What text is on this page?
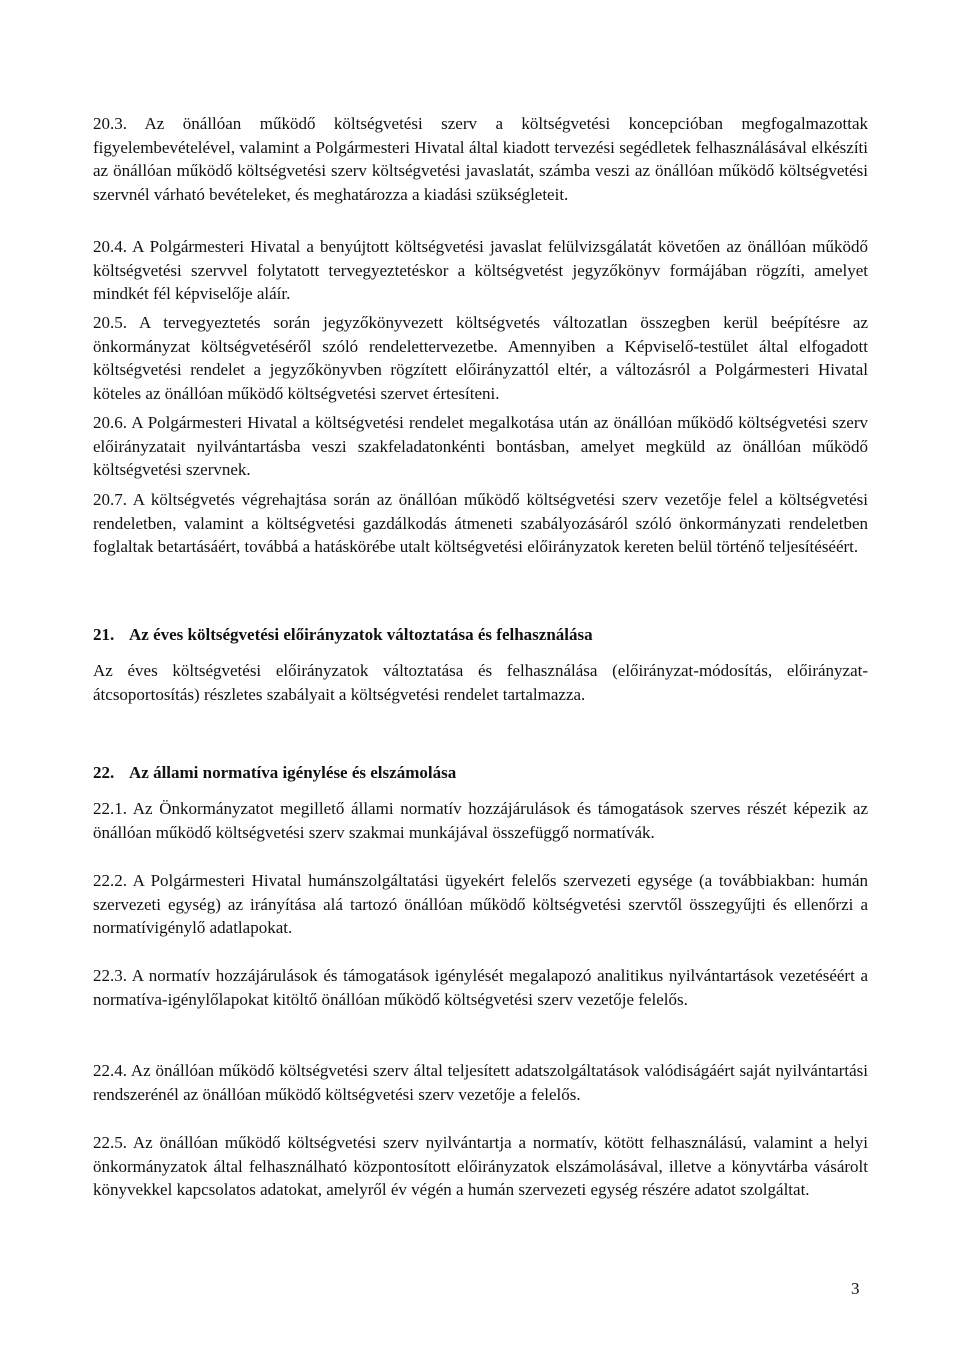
20.3. Az önállóan működő költségvetési szerv a költségvetési koncepcióban megfogalmazottak figyelembevételével, valamint a Polgármesteri Hivatal által kiadott tervezési segédletek felhasználásával elkészíti az önállóan működő költségvetési szerv költségvetési javaslatát, számba veszi az önállóan működő költségvetési szervnél várható bevételeket, és meghatározza a kiadási szükségleteit.

20.4. A Polgármesteri Hivatal a benyújtott költségvetési javaslat felülvizsgálatát követően az önállóan működő költségvetési szervvel folytatott tervegyeztetéskor a költségvetést jegyzőkönyv formájában rögzíti, amelyet mindkét fél képviselője aláír.

20.5. A tervegyeztetés során jegyzőkönyvezett költségvetés változatlan összegben kerül beépítésre az önkormányzat költségvetéséről szóló rendelettervezetbe. Amennyiben a Képviselő-testület által elfogadott költségvetési rendelet a jegyzőkönyvben rögzített előirányzattól eltér, a változásról a Polgármesteri Hivatal köteles az önállóan működő költségvetési szervet értesíteni.

20.6. A Polgármesteri Hivatal a költségvetési rendelet megalkotása után az önállóan működő költségvetési szerv előirányzatait nyilvántartásba veszi szakfeladatonkénti bontásban, amelyet megküld az önállóan működő költségvetési szervnek.

20.7. A költségvetés végrehajtása során az önállóan működő költségvetési szerv vezetője felel a költségvetési rendeletben, valamint a költségvetési gazdálkodás átmeneti szabályozásáról szóló önkormányzati rendeletben foglaltak betartásáért, továbbá a hatáskörébe utalt költségvetési előirányzatok kereten belül történő teljesítéséért.

21. Az éves költségvetési előirányzatok változtatása és felhasználása

Az éves költségvetési előirányzatok változtatása és felhasználása (előirányzat-módosítás, előirányzat-átcsoportosítás) részletes szabályait a költségvetési rendelet tartalmazza.

22. Az állami normatíva igénylése és elszámolása

22.1. Az Önkormányzatot megillető állami normatív hozzájárulások és támogatások szerves részét képezik az önállóan működő költségvetési szerv szakmai munkájával összefüggő normatívák.

22.2. A Polgármesteri Hivatal humánszolgáltatási ügyekért felelős szervezeti egysége (a továbbiakban: humán szervezeti egység) az irányítása alá tartozó önállóan működő költségvetési szervtől összegyűjti és ellenőrzi a normatívigénylő adatlapokat.

22.3. A normatív hozzájárulások és támogatások igénylését megalapozó analitikus nyilvántartások vezetéséért a normatíva-igénylőlapokat kitöltő önállóan működő költségvetési szerv vezetője felelős.

22.4. Az önállóan működő költségvetési szerv által teljesített adatszolgáltatások valódiságáért saját nyilvántartási rendszerénél az önállóan működő költségvetési szerv vezetője a felelős.

22.5. Az önállóan működő költségvetési szerv nyilvántartja a normatív, kötött felhasználású, valamint a helyi önkormányzatok által felhasználható központosított előirányzatok elszámolásával, illetve a könyvtárba vásárolt könyvekkel kapcsolatos adatokat, amelyről év végén a humán szervezeti egység részére adatot szolgáltat.

3
